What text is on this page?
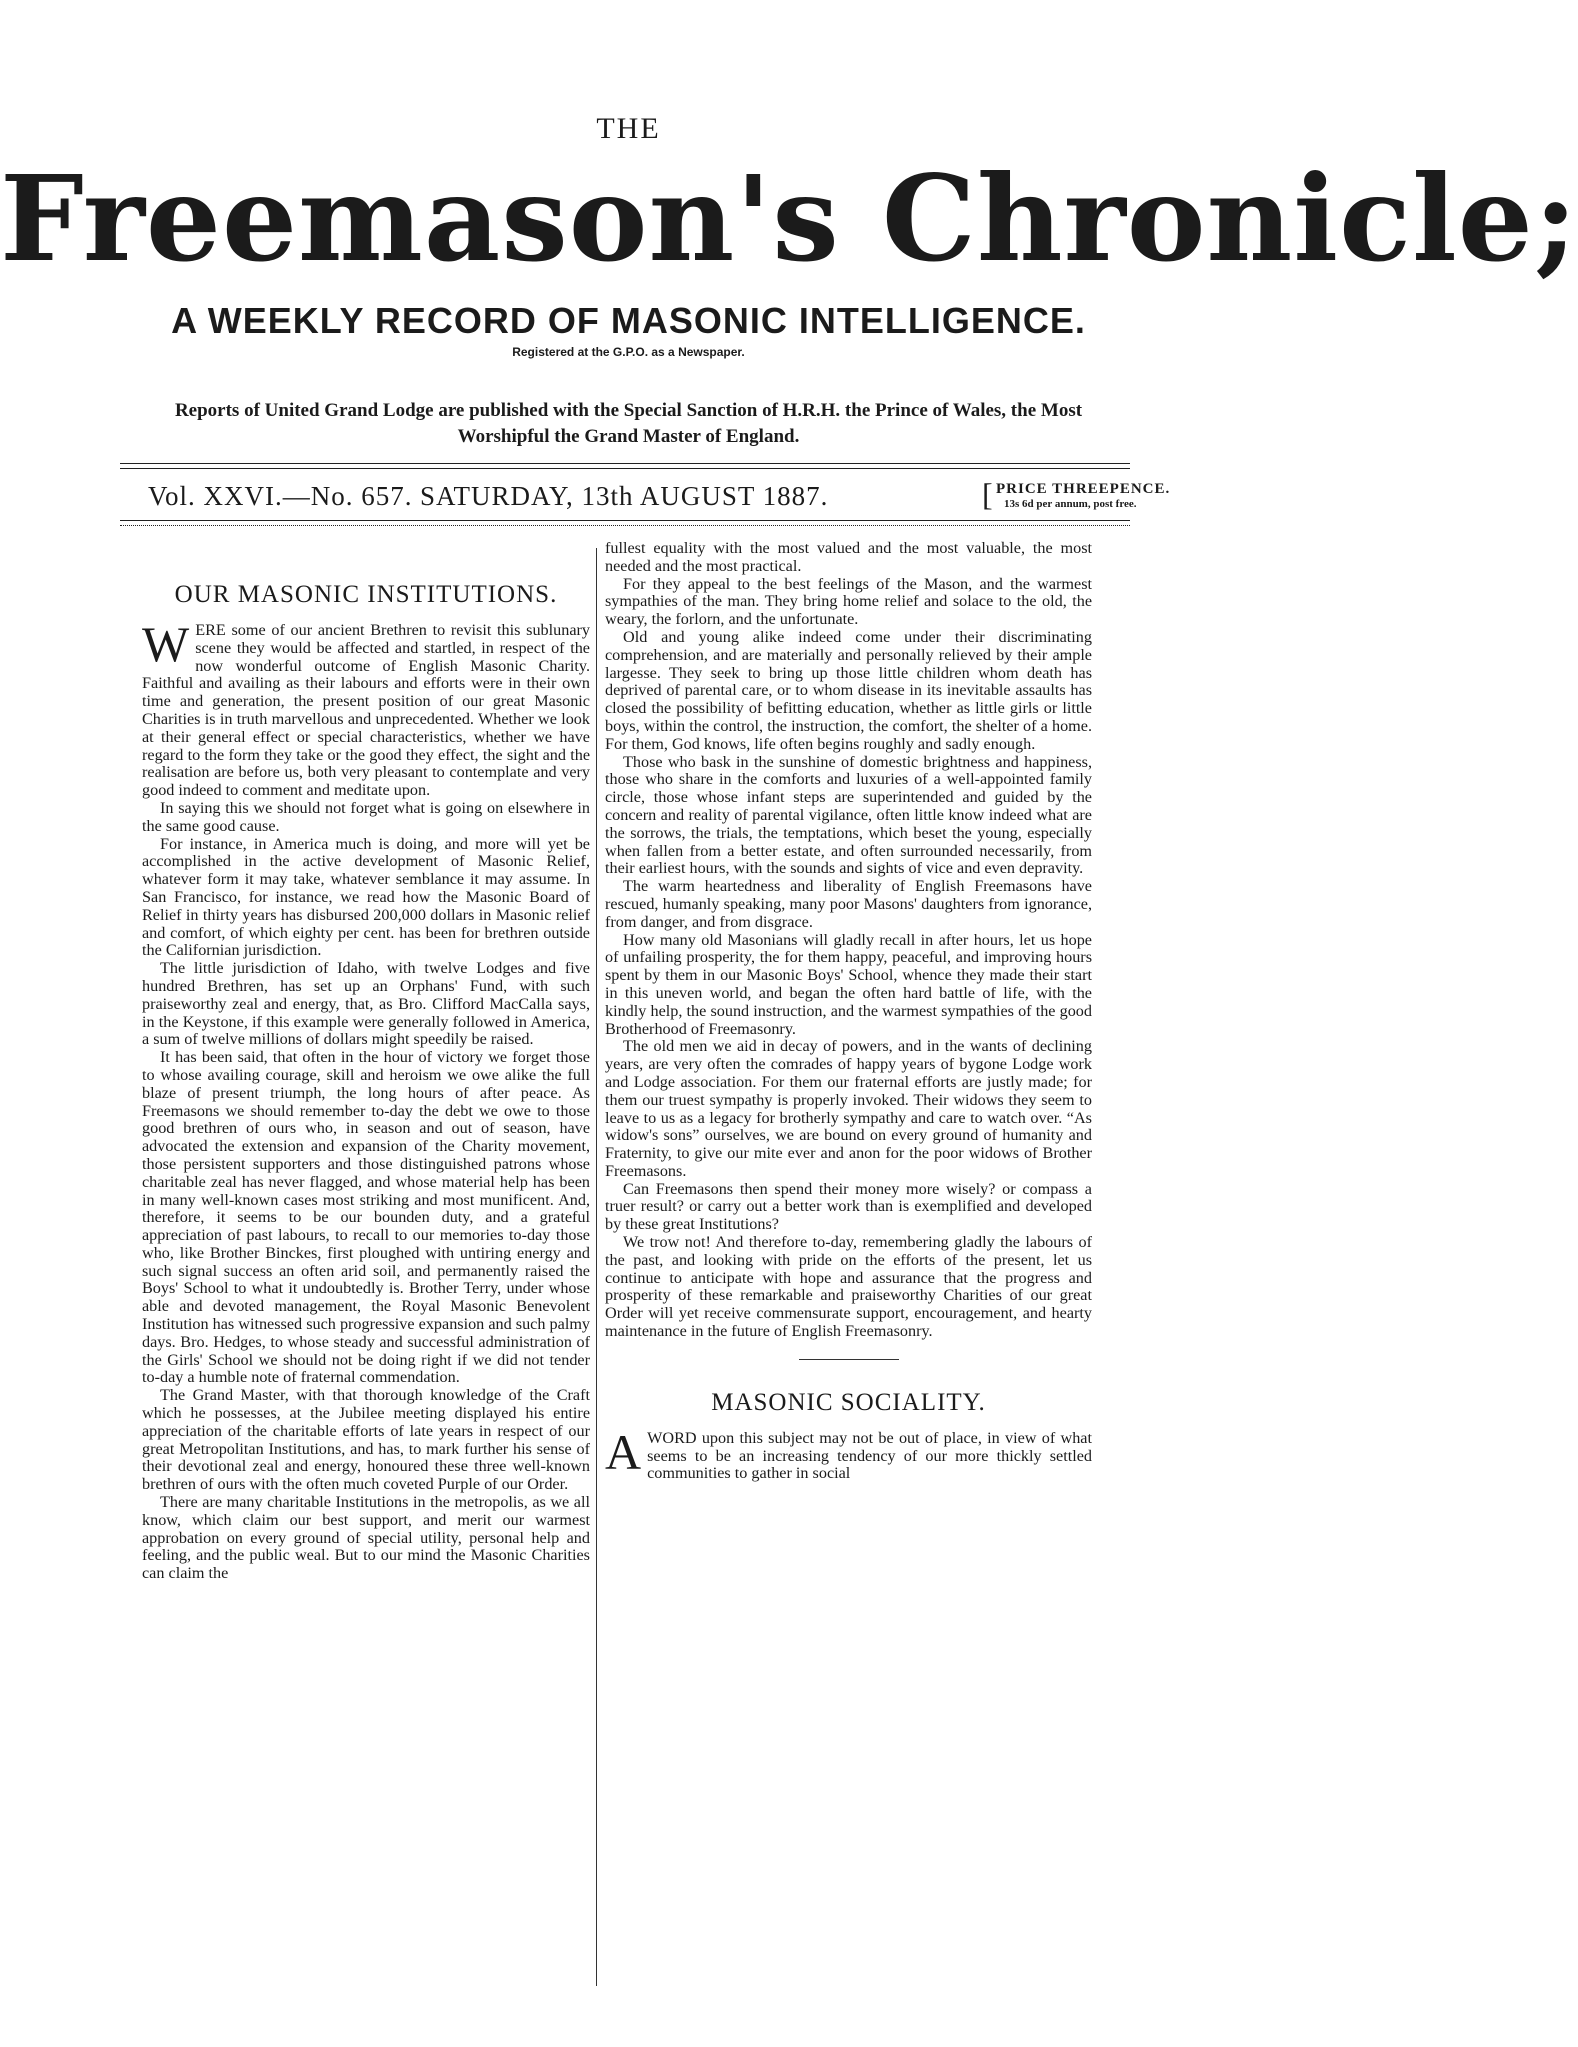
THE
Freemason's Chronicle;
A WEEKLY RECORD OF MASONIC INTELLIGENCE.
Registered at the G.P.O. as a Newspaper.
Reports of United Grand Lodge are published with the Special Sanction of H.R.H. the Prince of Wales, the Most Worshipful the Grand Master of England.
Vol. XXVI.—No. 657. SATURDAY, 13th AUGUST 1887.	[ PRICE THREEPENCE.
13s 6d per annum, post free.
OUR MASONIC INSTITUTIONS.

WERE some of our ancient Brethren to revisit this sublunary scene they would be affected and startled, in respect of the now wonderful outcome of English Masonic Charity. Faithful and availing as their labours and efforts were in their own time and generation, the present position of our great Masonic Charities is in truth marvellous and unprecedented. Whether we look at their general effect or special characteristics, whether we have regard to the form they take or the good they effect, the sight and the realisation are before us, both very pleasant to contemplate and very good indeed to comment and meditate upon.

In saying this we should not forget what is going on elsewhere in the same good cause.

For instance, in America much is doing, and more will yet be accomplished in the active development of Masonic Relief, whatever form it may take, whatever semblance it may assume. In San Francisco, for instance, we read how the Masonic Board of Relief in thirty years has disbursed 200,000 dollars in Masonic relief and comfort, of which eighty per cent. has been for brethren outside the Californian jurisdiction.

The little jurisdiction of Idaho, with twelve Lodges and five hundred Brethren, has set up an Orphans' Fund, with such praiseworthy zeal and energy, that, as Bro. Clifford MacCalla says, in the Keystone, if this example were generally followed in America, a sum of twelve millions of dollars might speedily be raised.

It has been said, that often in the hour of victory we forget those to whose availing courage, skill and heroism we owe alike the full blaze of present triumph, the long hours of after peace. As Freemasons we should remember to-day the debt we owe to those good brethren of ours who, in season and out of season, have advocated the extension and expansion of the Charity movement, those persistent supporters and those distinguished patrons whose charitable zeal has never flagged, and whose material help has been in many well-known cases most striking and most munificent. And, therefore, it seems to be our bounden duty, and a grateful appreciation of past labours, to recall to our memories to-day those who, like Brother Binckes, first ploughed with untiring energy and such signal success an often arid soil, and permanently raised the Boys' School to what it undoubtedly is. Brother Terry, under whose able and devoted management, the Royal Masonic Benevolent Institution has witnessed such progressive expansion and such palmy days. Bro. Hedges, to whose steady and successful administration of the Girls' School we should not be doing right if we did not tender to-day a humble note of fraternal commendation.

The Grand Master, with that thorough knowledge of the Craft which he possesses, at the Jubilee meeting displayed his entire appreciation of the charitable efforts of late years in respect of our great Metropolitan Institutions, and has, to mark further his sense of their devotional zeal and energy, honoured these three well-known brethren of ours with the often much coveted Purple of our Order.

There are many charitable Institutions in the metropolis, as we all know, which claim our best support, and merit our warmest approbation on every ground of special utility, personal help and feeling, and the public weal. But to our mind the Masonic Charities can claim the

fullest equality with the most valued and the most valuable, the most needed and the most practical.

For they appeal to the best feelings of the Mason, and the warmest sympathies of the man. They bring home relief and solace to the old, the weary, the forlorn, and the unfortunate.

Old and young alike indeed come under their discriminating comprehension, and are materially and personally relieved by their ample largesse. They seek to bring up those little children whom death has deprived of parental care, or to whom disease in its inevitable assaults has closed the possibility of befitting education, whether as little girls or little boys, within the control, the instruction, the comfort, the shelter of a home. For them, God knows, life often begins roughly and sadly enough.

Those who bask in the sunshine of domestic brightness and happiness, those who share in the comforts and luxuries of a well-appointed family circle, those whose infant steps are superintended and guided by the concern and reality of parental vigilance, often little know indeed what are the sorrows, the trials, the temptations, which beset the young, especially when fallen from a better estate, and often surrounded necessarily, from their earliest hours, with the sounds and sights of vice and even depravity.

The warm heartedness and liberality of English Freemasons have rescued, humanly speaking, many poor Masons' daughters from ignorance, from danger, and from disgrace.

How many old Masonians will gladly recall in after hours, let us hope of unfailing prosperity, the for them happy, peaceful, and improving hours spent by them in our Masonic Boys' School, whence they made their start in this uneven world, and began the often hard battle of life, with the kindly help, the sound instruction, and the warmest sympathies of the good Brotherhood of Freemasonry.

The old men we aid in decay of powers, and in the wants of declining years, are very often the comrades of happy years of bygone Lodge work and Lodge association. For them our fraternal efforts are justly made; for them our truest sympathy is properly invoked. Their widows they seem to leave to us as a legacy for brotherly sympathy and care to watch over. “As widow's sons” ourselves, we are bound on every ground of humanity and Fraternity, to give our mite ever and anon for the poor widows of Brother Freemasons.

Can Freemasons then spend their money more wisely? or compass a truer result? or carry out a better work than is exemplified and developed by these great Institutions?

We trow not! And therefore to-day, remembering gladly the labours of the past, and looking with pride on the efforts of the present, let us continue to anticipate with hope and assurance that the progress and prosperity of these remarkable and praiseworthy Charities of our great Order will yet receive commensurate support, encouragement, and hearty maintenance in the future of English Freemasonry.

MASONIC SOCIALITY.

AWORD upon this subject may not be out of place, in view of what seems to be an increasing tendency of our more thickly settled communities to gather in social
